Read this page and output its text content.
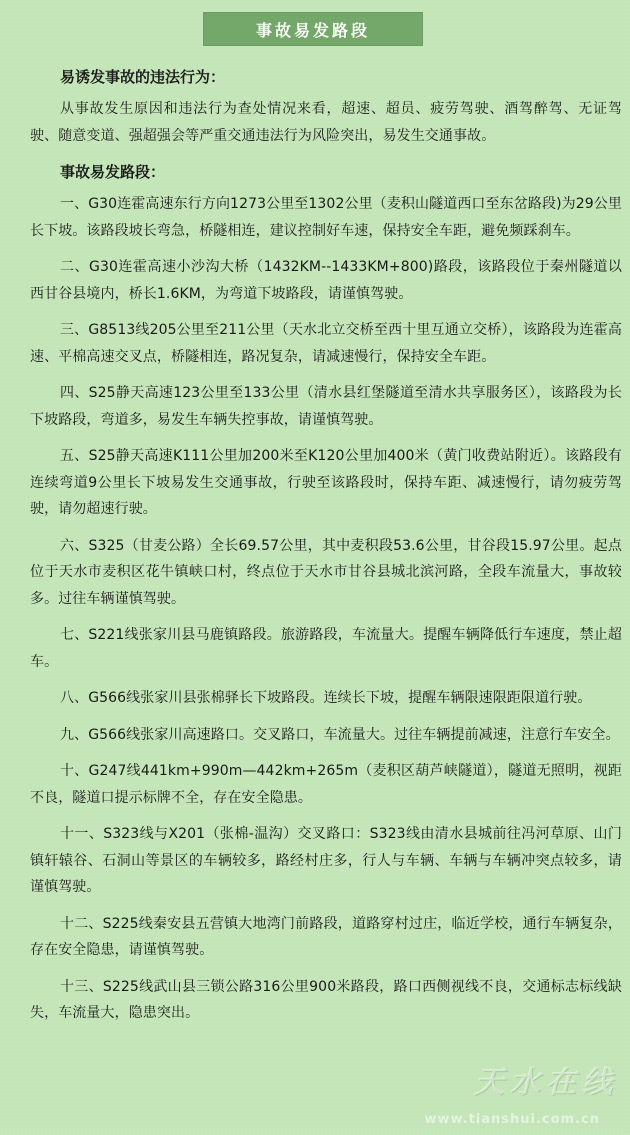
事故易发路段
易诱发事故的违法行为：

从事故发生原因和违法行为查处情况来看，超速、超员、疲劳驾驶、酒驾醉驾、无证驾驶、随意变道、强超强会等严重交通违法行为风险突出，易发生交通事故。

事故易发路段：

一、G30连霍高速东行方向1273公里至1302公里（麦积山隧道西口至东岔路段)为29公里长下坡。该路段坡长弯急，桥隧相连，建议控制好车速，保持安全车距，避免频踩刹车。

二、G30连霍高速小沙沟大桥（1432KM--1433KM+800)路段，该路段位于秦州隧道以西甘谷县境内，桥长1.6KM，为弯道下坡路段，请谨慎驾驶。

三、G8513线205公里至211公里（天水北立交桥至西十里互通立交桥），该路段为连霍高速、平棉高速交叉点，桥隧相连，路况复杂，请减速慢行，保持安全车距。

四、S25静天高速123公里至133公里（清水县红堡隧道至清水共享服务区），该路段为长下坡路段，弯道多，易发生车辆失控事故，请谨慎驾驶。

五、S25静天高速K111公里加200米至K120公里加400米（黄门收费站附近）。该路段有连续弯道9公里长下坡易发生交通事故，行驶至该路段时，保持车距、减速慢行，请勿疲劳驾驶，请勿超速行驶。

六、S325（甘麦公路）全长69.57公里，其中麦积段53.6公里，甘谷段15.97公里。起点位于天水市麦积区花牛镇峡口村，终点位于天水市甘谷县城北滨河路，全段车流量大，事故较多。过往车辆谨慎驾驶。

七、S221线张家川县马鹿镇路段。旅游路段，车流量大。提醒车辆降低行车速度，禁止超车。

八、G566线张家川县张棉驿长下坡路段。连续长下坡，提醒车辆限速限距限道行驶。

九、G566线张家川高速路口。交叉路口，车流量大。过往车辆提前减速，注意行车安全。

十、G247线441km+990m—442km+265m（麦积区葫芦峡隧道），隧道无照明，视距不良，隧道口提示标牌不全，存在安全隐患。

十一、S323线与X201（张棉-温沟）交叉路口：S323线由清水县城前往冯河草原、山门镇轩辕谷、石洞山等景区的车辆较多，路经村庄多，行人与车辆、车辆与车辆冲突点较多，请谨慎驾驶。

十二、S225线秦安县五营镇大地湾门前路段，道路穿村过庄，临近学校，通行车辆复杂，存在安全隐患，请谨慎驾驶。

十三、S225线武山县三锁公路316公里900米路段，路口西侧视线不良，交通标志标线缺失，车流量大，隐患突出。

天水在线
www.tianshui.com.cn
